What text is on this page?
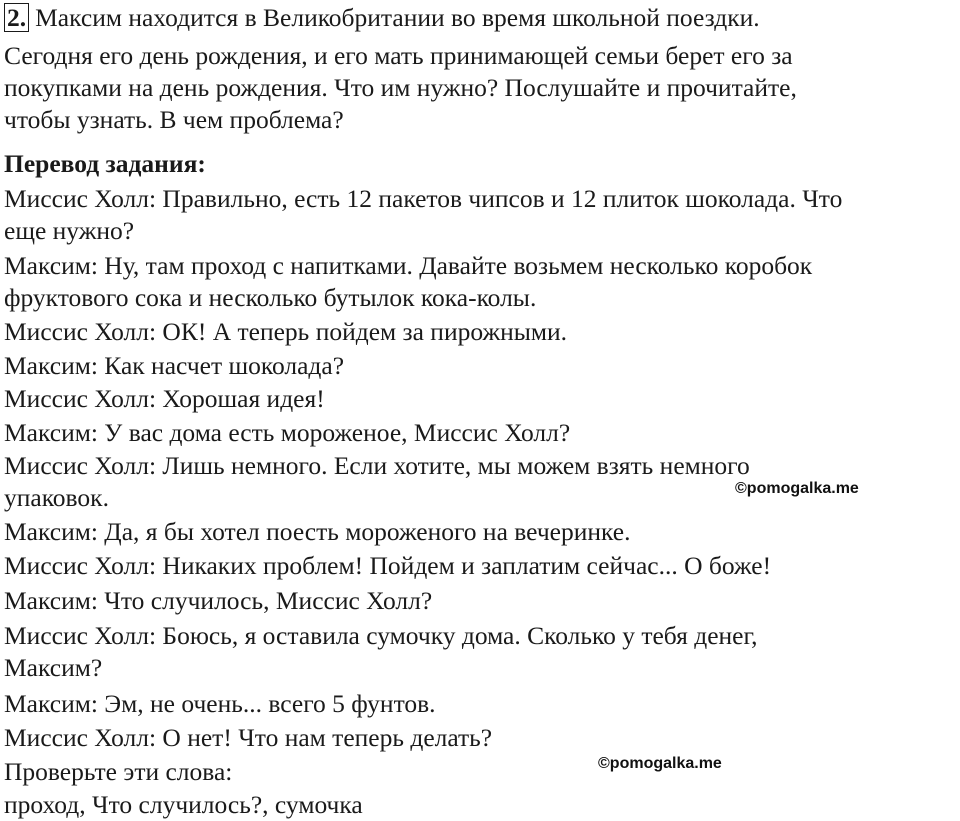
2. Максим находится в Великобритании во время школьной поездки.
Сегодня его день рождения, и его мать принимающей семьи берет его за
покупками на день рождения. Что им нужно? Послушайте и прочитайте,
чтобы узнать. В чем проблема?
Перевод задания:
Миссис Холл: Правильно, есть 12 пакетов чипсов и 12 плиток шоколада. Что
еще нужно?
Максим: Ну, там проход с напитками. Давайте возьмем несколько коробок
фруктового сока и несколько бутылок кока-колы.
Миссис Холл: ОК! А теперь пойдем за пирожными.
Максим: Как насчет шоколада?
Миссис Холл: Хорошая идея!
Максим: У вас дома есть мороженое, Миссис Холл?
Миссис Холл: Лишь немного. Если хотите, мы можем взять немного
упаковок.
Максим: Да, я бы хотел поесть мороженого на вечеринке.
Миссис Холл: Никаких проблем! Пойдем и заплатим сейчас... О боже!
Максим: Что случилось, Миссис Холл?
Миссис Холл: Боюсь, я оставила сумочку дома. Сколько у тебя денег,
Максим?
Максим: Эм, не очень... всего 5 фунтов.
Миссис Холл: О нет! Что нам теперь делать?
Проверьте эти слова:
проход, Что случилось?, сумочка
©pomogalka.me
©pomogalka.me
